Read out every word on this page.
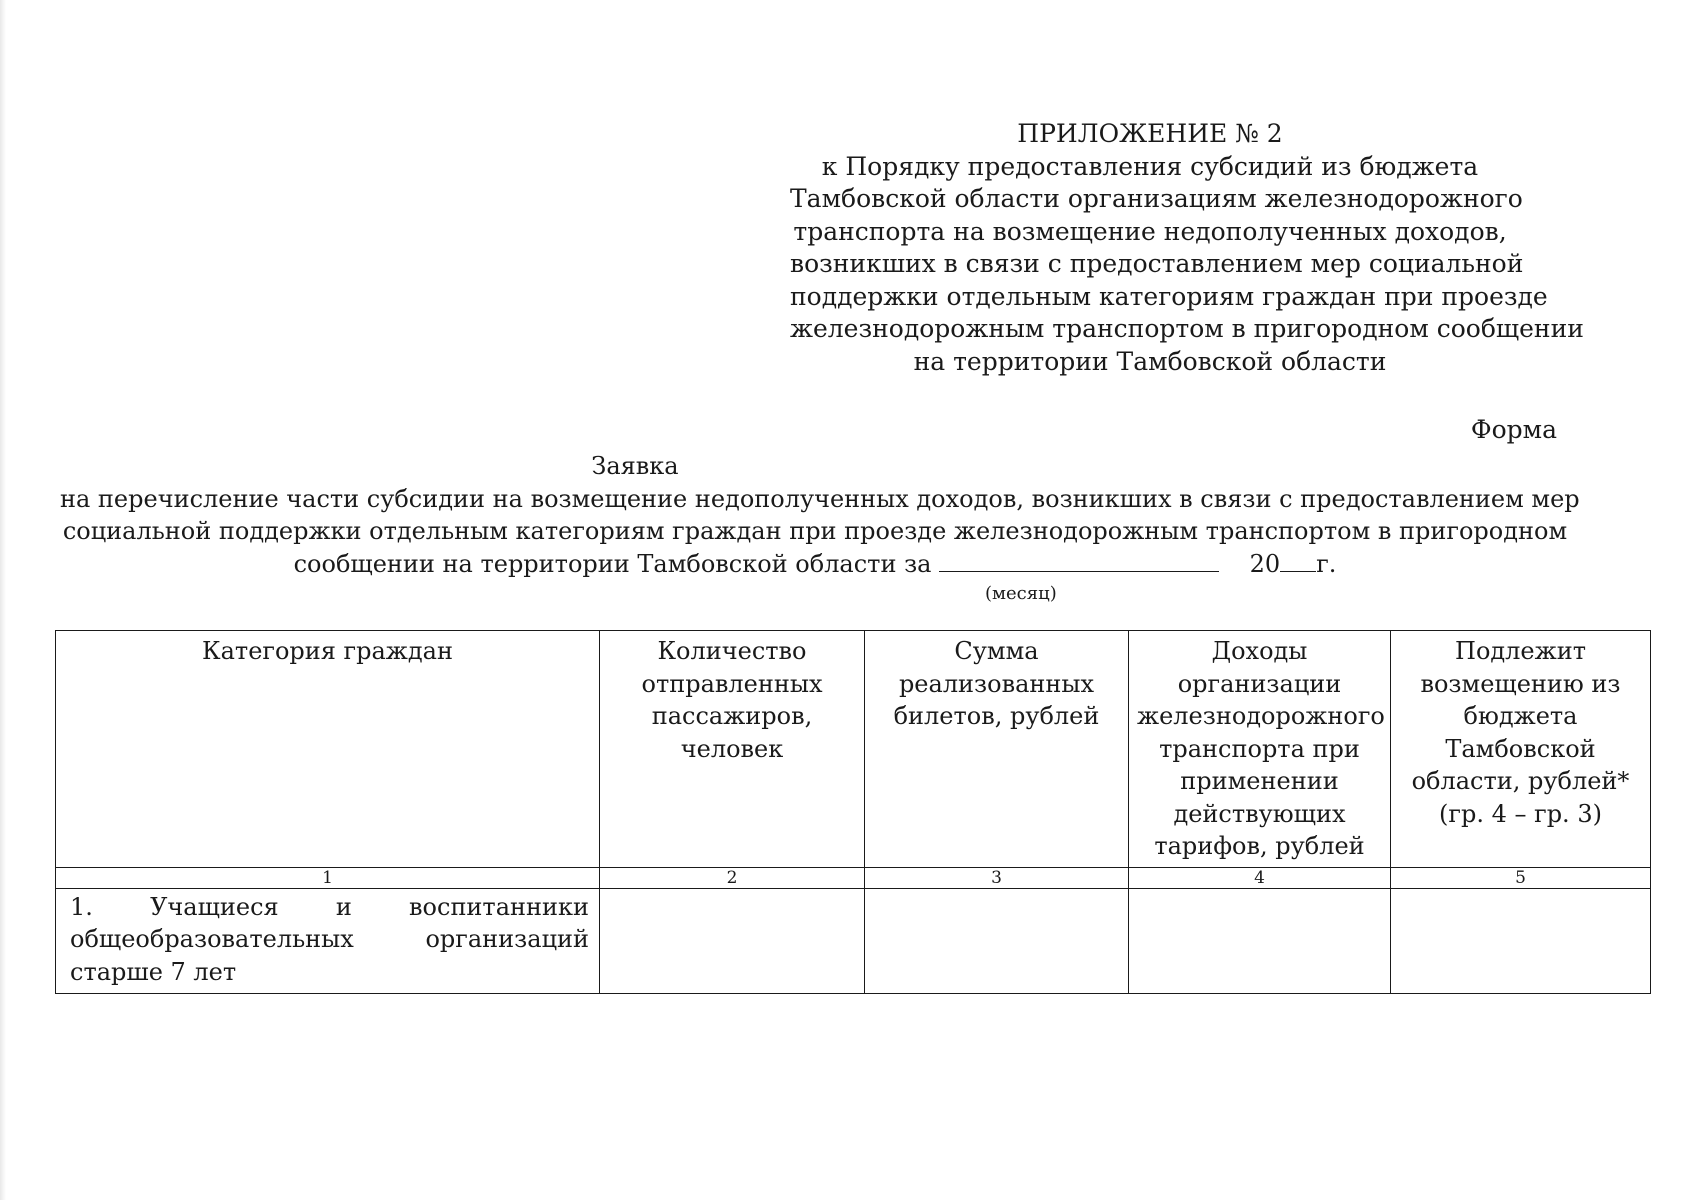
ПРИЛОЖЕНИЕ № 2
к Порядку предоставления субсидий из бюджета
Тамбовской области организациям железнодорожного
транспорта на возмещение недополученных доходов,
возникших в связи с предоставлением мер социальной
поддержки отдельным категориям граждан при проезде
железнодорожным транспортом в пригородном сообщении
на территории Тамбовской области
Форма
Заявка
на перечисление части субсидии на возмещение недополученных доходов, возникших в связи с предоставлением мер
социальной поддержки отдельным категориям граждан при проезде железнодорожным транспортом в пригородном
сообщении на территории Тамбовской области за	20 г.
(месяц)
Категория граждан	Количество отправленных пассажиров, человек	Сумма реализованных билетов, рублей	Доходы организации железнодорожного транспорта при применении действующих тарифов, рублей	Подлежит возмещению из бюджета Тамбовской области, рублей* (гр. 4 – гр. 3)
1	2	3	4	5
1. Учащиеся и воспитанники общеобразовательных организаций старше 7 лет				
